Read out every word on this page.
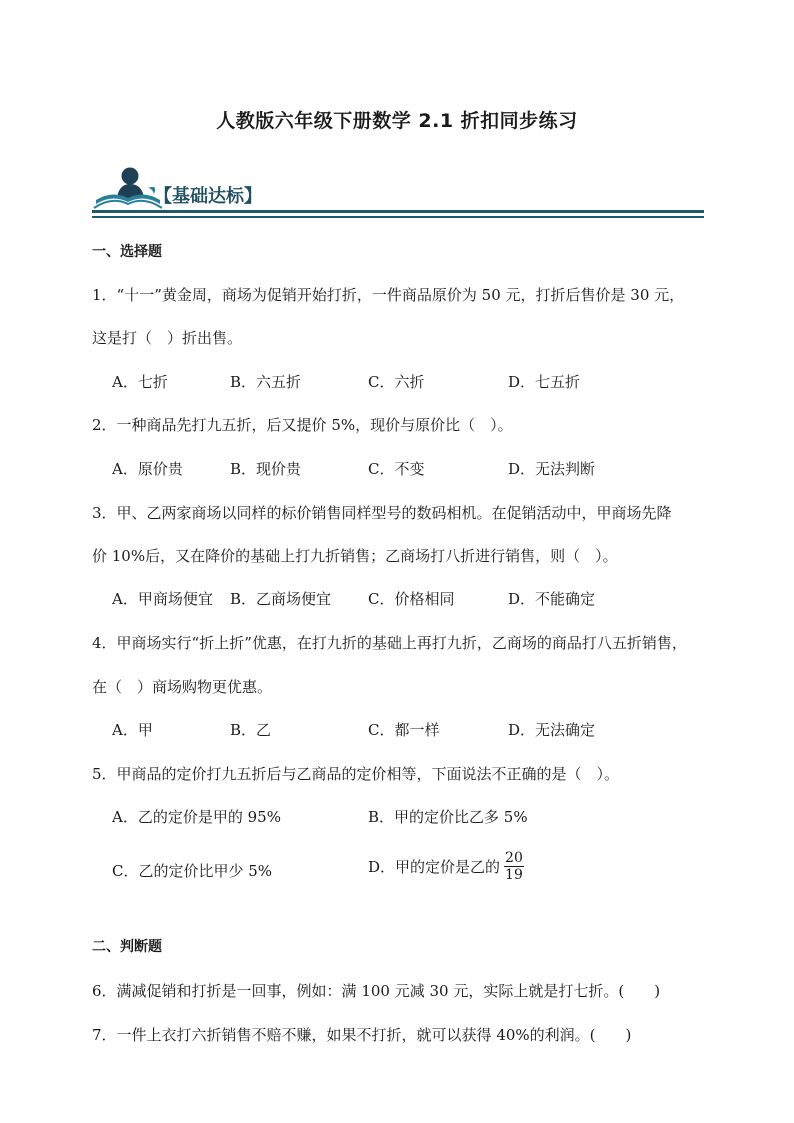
人教版六年级下册数学 2.1 折扣同步练习
【基础达标】
一、选择题
1．“十一”黄金周，商场为促销开始打折，一件商品原价为 50 元，打折后售价是 30 元，
这是打（　）折出售。
A．七折	B．六五折	C．六折	D．七五折
2．一种商品先打九五折，后又提价 5%，现价与原价比（　）。
A．原价贵	B．现价贵	C．不变	D．无法判断
3．甲、乙两家商场以同样的标价销售同样型号的数码相机。在促销活动中，甲商场先降
价 10%后，又在降价的基础上打九折销售；乙商场打八折进行销售，则（　）。
A．甲商场便宜 B．乙商场便宜 C．价格相同	D．不能确定
4．甲商场实行“折上折”优惠，在打九折的基础上再打九折，乙商场的商品打八五折销售，
在（　）商场购物更优惠。
A．甲	B．乙	C．都一样	D．无法确定
5．甲商品的定价打九五折后与乙商品的定价相等，下面说法不正确的是（　）。
A．乙的定价是甲的 95%	B．甲的定价比乙多 5%
C．乙的定价比甲少 5%	D．甲的定价是乙的 $\frac{20}{19}$
二、判断题
6．满减促销和打折是一回事，例如：满 100 元减 30 元，实际上就是打七折。(　　)
7．一件上衣打六折销售不赔不赚，如果不打折，就可以获得 40%的利润。(　　)
